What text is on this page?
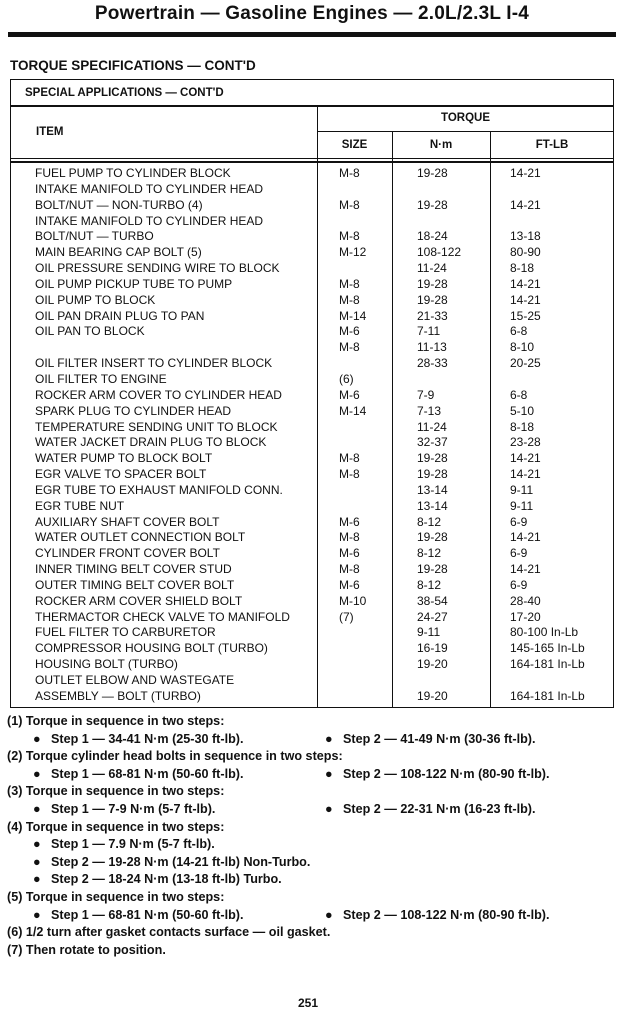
Powertrain — Gasoline Engines — 2.0L/2.3L I-4
TORQUE SPECIFICATIONS — CONT'D
SPECIAL APPLICATIONS — CONT'D
ITEM
TORQUE
SIZE	N·m	FT-LB
FUEL PUMP TO CYLINDER BLOCK	M-8	19-28	14-21
INTAKE MANIFOLD TO CYLINDER HEAD
BOLT/NUT — NON-TURBO (4)	M-8	19-28	14-21
INTAKE MANIFOLD TO CYLINDER HEAD
BOLT/NUT — TURBO	M-8	18-24	13-18
MAIN BEARING CAP BOLT (5)	M-12	108-122	80-90
OIL PRESSURE SENDING WIRE TO BLOCK	11-24	8-18
OIL PUMP PICKUP TUBE TO PUMP	M-8	19-28	14-21
OIL PUMP TO BLOCK	M-8	19-28	14-21
OIL PAN DRAIN PLUG TO PAN	M-14	21-33	15-25
OIL PAN TO BLOCK	M-6	7-11	6-8
M-8	11-13	8-10
OIL FILTER INSERT TO CYLINDER BLOCK	28-33	20-25
OIL FILTER TO ENGINE	(6)
ROCKER ARM COVER TO CYLINDER HEAD	M-6	7-9	6-8
SPARK PLUG TO CYLINDER HEAD	M-14	7-13	5-10
TEMPERATURE SENDING UNIT TO BLOCK	11-24	8-18
WATER JACKET DRAIN PLUG TO BLOCK	32-37	23-28
WATER PUMP TO BLOCK BOLT	M-8	19-28	14-21
EGR VALVE TO SPACER BOLT	M-8	19-28	14-21
EGR TUBE TO EXHAUST MANIFOLD CONN.	13-14	9-11
EGR TUBE NUT	13-14	9-11
AUXILIARY SHAFT COVER BOLT	M-6	8-12	6-9
WATER OUTLET CONNECTION BOLT	M-8	19-28	14-21
CYLINDER FRONT COVER BOLT	M-6	8-12	6-9
INNER TIMING BELT COVER STUD	M-8	19-28	14-21
OUTER TIMING BELT COVER BOLT	M-6	8-12	6-9
ROCKER ARM COVER SHIELD BOLT	M-10	38-54	28-40
THERMACTOR CHECK VALVE TO MANIFOLD	(7)	24-27	17-20
FUEL FILTER TO CARBURETOR	9-11	80-100 In-Lb
COMPRESSOR HOUSING BOLT (TURBO)	16-19	145-165 In-Lb
HOUSING BOLT (TURBO)	19-20	164-181 In-Lb
OUTLET ELBOW AND WASTEGATE
ASSEMBLY — BOLT (TURBO)	19-20	164-181 In-Lb
(1) Torque in sequence in two steps:
● Step 1 — 34-41 N·m (25-30 ft-lb).	● Step 2 — 41-49 N·m (30-36 ft-lb).
(2) Torque cylinder head bolts in sequence in two steps:
● Step 1 — 68-81 N·m (50-60 ft-lb).	● Step 2 — 108-122 N·m (80-90 ft-lb).
(3) Torque in sequence in two steps:
● Step 1 — 7-9 N·m (5-7 ft-lb).	● Step 2 — 22-31 N·m (16-23 ft-lb).
(4) Torque in sequence in two steps:
● Step 1 — 7.9 N·m (5-7 ft-lb).
● Step 2 — 19-28 N·m (14-21 ft-lb) Non-Turbo.
● Step 2 — 18-24 N·m (13-18 ft-lb) Turbo.
(5) Torque in sequence in two steps:
● Step 1 — 68-81 N·m (50-60 ft-lb).	● Step 2 — 108-122 N·m (80-90 ft-lb).
(6) 1/2 turn after gasket contacts surface — oil gasket.
(7) Then rotate to position.
251
